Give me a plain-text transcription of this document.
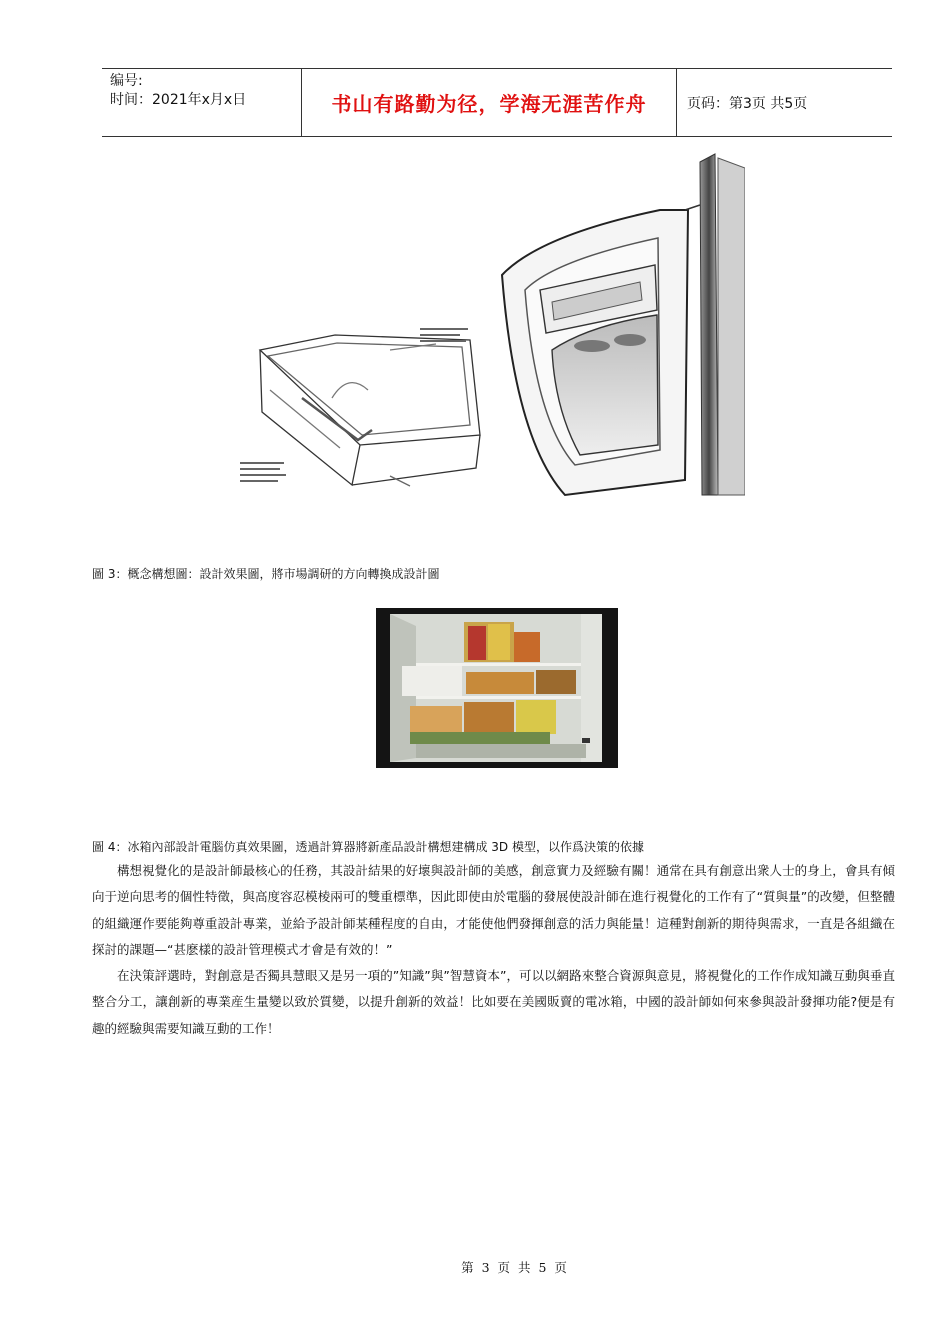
编号:
时间：2021年x月x日	书山有路勤为径，学海无涯苦作舟	页码：第3页 共5页
圖 3：概念構想圖：設計效果圖，將市場調研的方向轉換成設計圖
圖 4：冰箱內部設計電腦仿真效果圖，透過計算器將新產品設計構想建構成 3D 模型，以作爲決策的依據

構想視覺化的是設計師最核心的任務，其設計結果的好壞與設計師的美感，創意實力及經驗有關！通常在具有創意出衆人士的身上，會具有傾向于逆向思考的個性特徵，與高度容忍模棱兩可的雙重標準，因此即使由於電腦的發展使設計師在進行視覺化的工作有了“質與量”的改變，但整體的組織運作要能夠尊重設計專業，並給予設計師某種程度的自由，才能使他們發揮創意的活力與能量！這種對創新的期待與需求，一直是各組織在探討的課題—“甚麽樣的設計管理模式才會是有效的！”

在決策評選時，對創意是否獨具慧眼又是另一項的”知識”與”智慧資本”，可以以網路來整合資源與意見，將視覺化的工作作成知識互動與垂直整合分工，讓創新的專業産生量變以致於質變，以提升創新的效益！比如要在美國販賣的電冰箱，中國的設計師如何來參與設計發揮功能?便是有趣的經驗與需要知識互動的工作！

第 3 页 共 5 页
